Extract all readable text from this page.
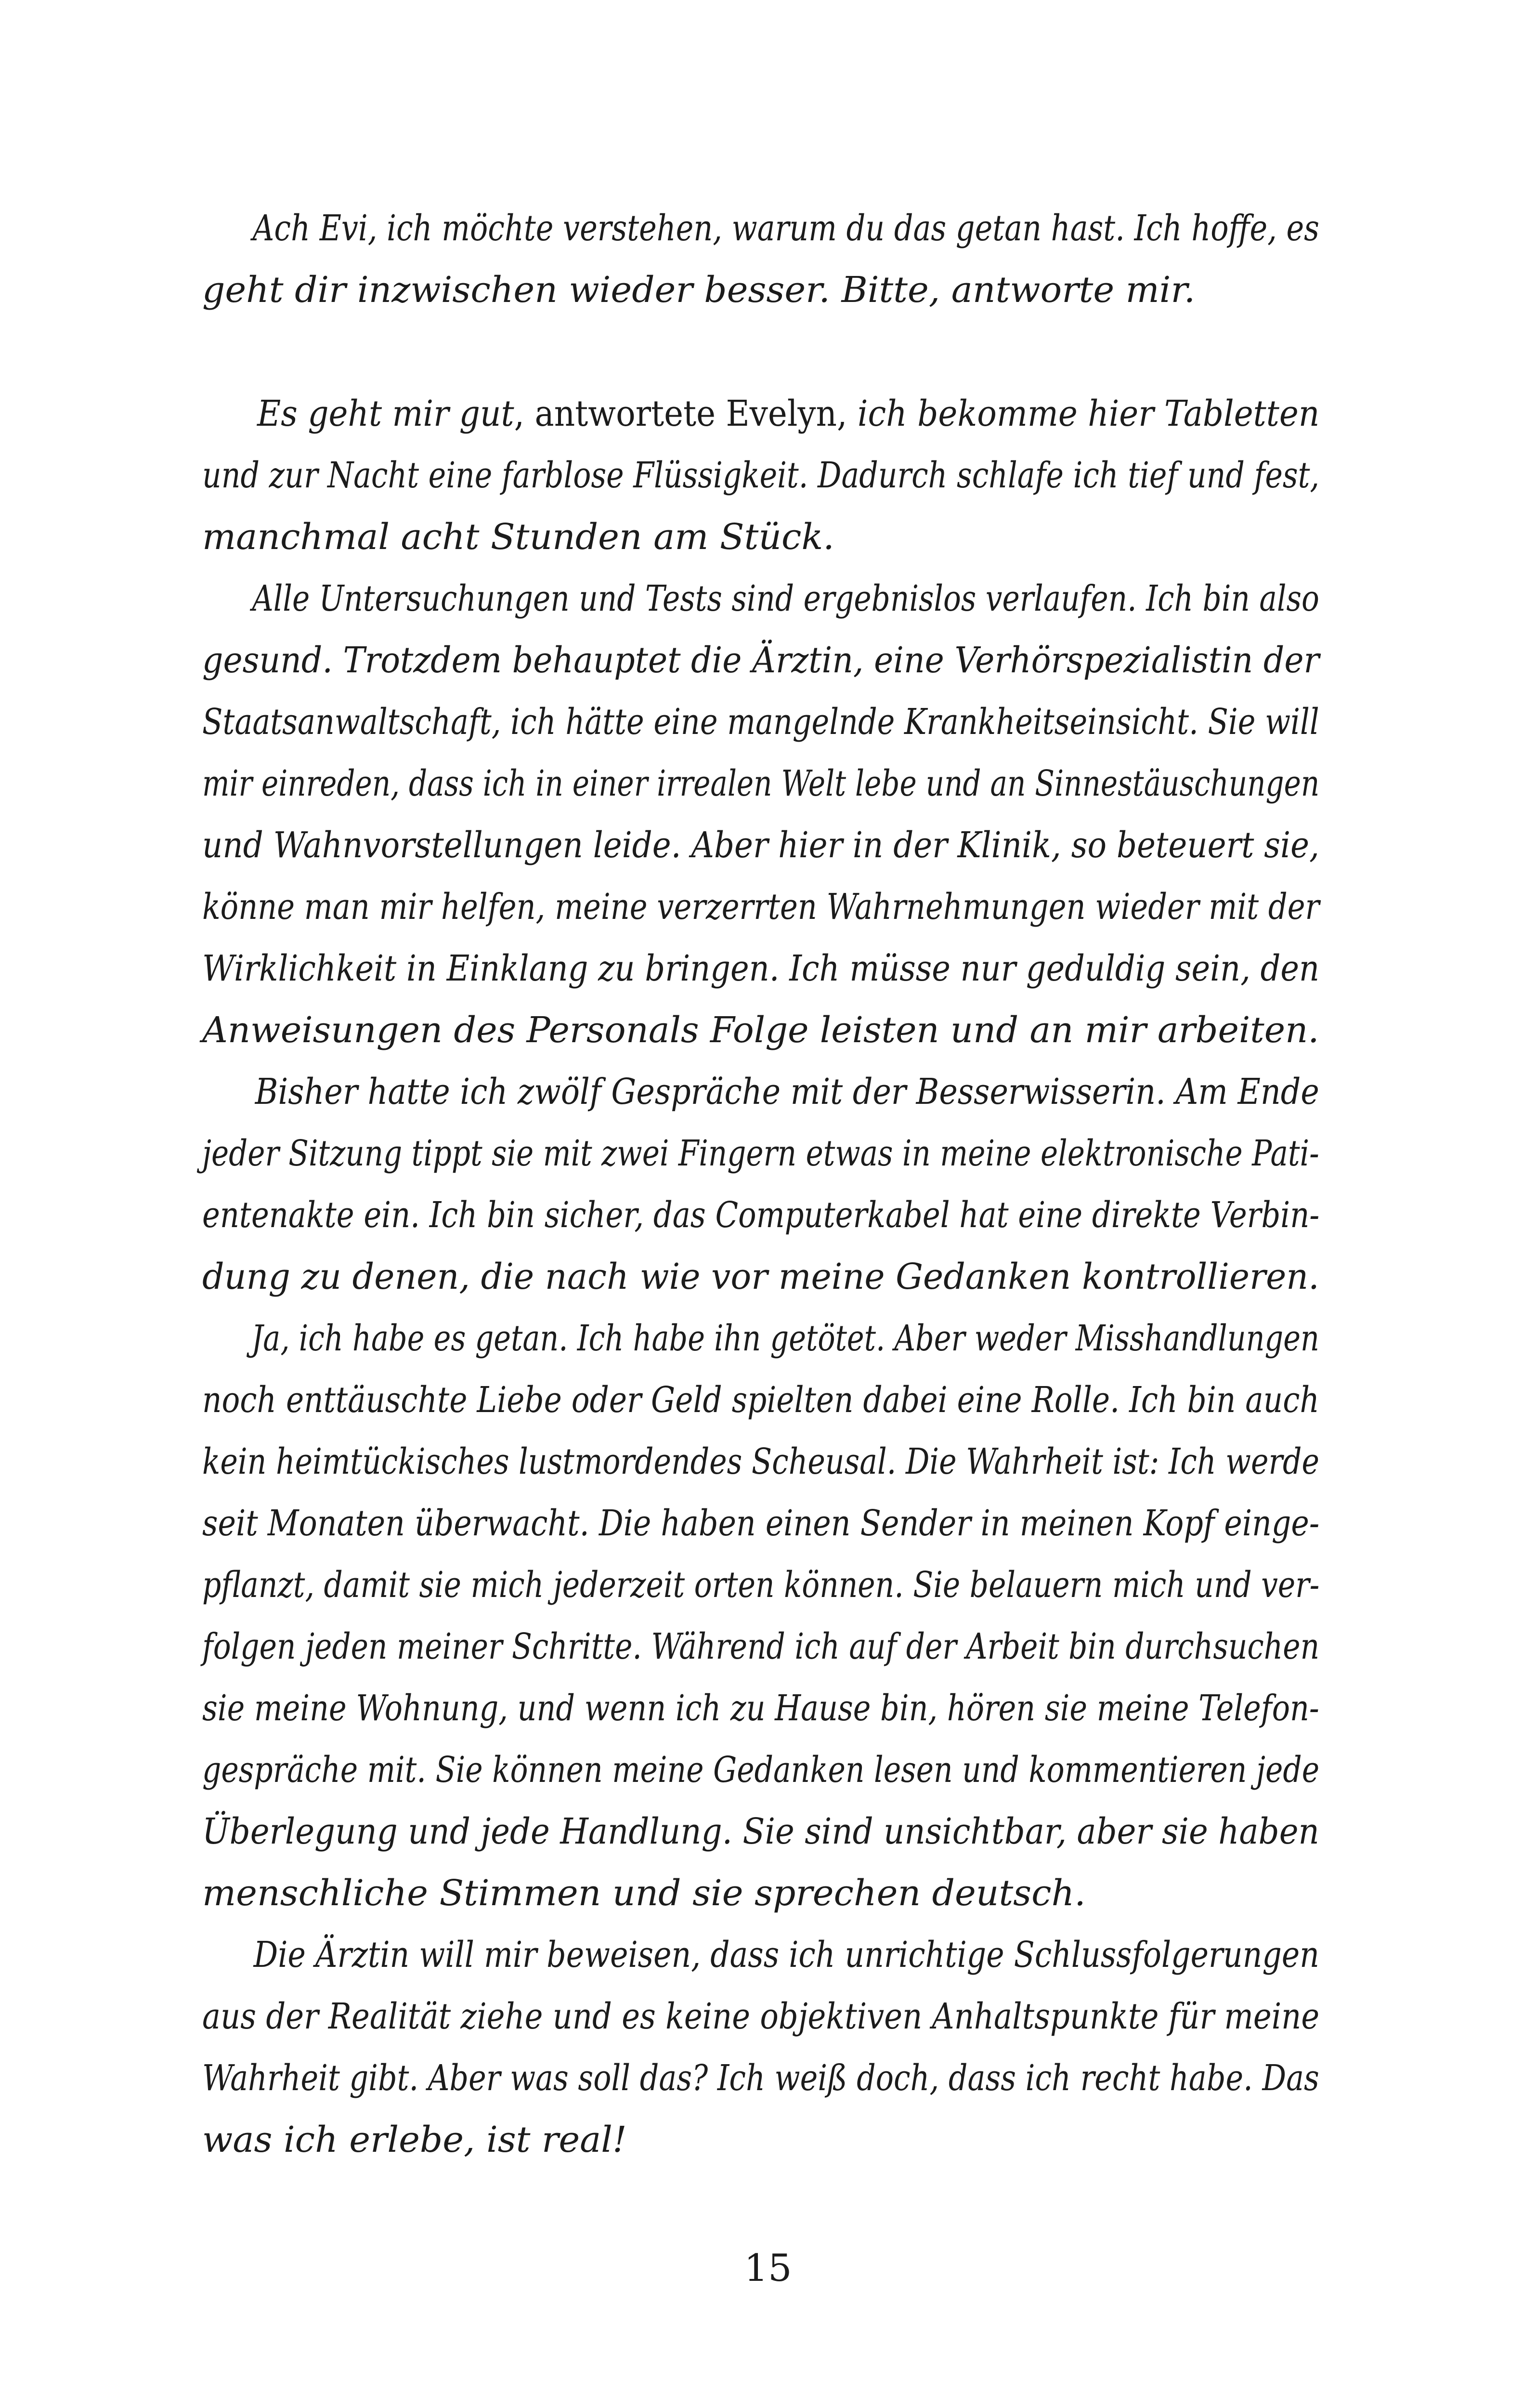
Ach Evi, ich möchte verstehen, warum du das getan hast. Ich hoffe, es
geht dir inzwischen wieder besser. Bitte, antworte mir.
Es geht mir gut, antwortete Evelyn, ich bekomme hier Tabletten
und zur Nacht eine farblose Flüssigkeit. Dadurch schlafe ich tief und fest,
manchmal acht Stunden am Stück.
Alle Untersuchungen und Tests sind ergebnislos verlaufen. Ich bin also
gesund. Trotzdem behauptet die Ärztin, eine Verhörspezialistin der
Staatsanwaltschaft, ich hätte eine mangelnde Krankheitseinsicht. Sie will
mir einreden, dass ich in einer irrealen Welt lebe und an Sinnestäuschungen
und Wahnvorstellungen leide. Aber hier in der Klinik, so beteuert sie,
könne man mir helfen, meine verzerrten Wahrnehmungen wieder mit der
Wirklichkeit in Einklang zu bringen. Ich müsse nur geduldig sein, den
Anweisungen des Personals Folge leisten und an mir arbeiten.
Bisher hatte ich zwölf Gespräche mit der Besserwisserin. Am Ende
jeder Sitzung tippt sie mit zwei Fingern etwas in meine elektronische Pati-
entenakte ein. Ich bin sicher, das Computerkabel hat eine direkte Verbin-
dung zu denen, die nach wie vor meine Gedanken kontrollieren.
Ja, ich habe es getan. Ich habe ihn getötet. Aber weder Misshandlungen
noch enttäuschte Liebe oder Geld spielten dabei eine Rolle. Ich bin auch
kein heimtückisches lustmordendes Scheusal. Die Wahrheit ist: Ich werde
seit Monaten überwacht. Die haben einen Sender in meinen Kopf einge-
pflanzt, damit sie mich jederzeit orten können. Sie belauern mich und ver-
folgen jeden meiner Schritte. Während ich auf der Arbeit bin durchsuchen
sie meine Wohnung, und wenn ich zu Hause bin, hören sie meine Telefon-
gespräche mit. Sie können meine Gedanken lesen und kommentieren jede
Überlegung und jede Handlung. Sie sind unsichtbar, aber sie haben
menschliche Stimmen und sie sprechen deutsch.
Die Ärztin will mir beweisen, dass ich unrichtige Schlussfolgerungen
aus der Realität ziehe und es keine objektiven Anhaltspunkte für meine
Wahrheit gibt. Aber was soll das? Ich weiß doch, dass ich recht habe. Das
was ich erlebe, ist real!
15
